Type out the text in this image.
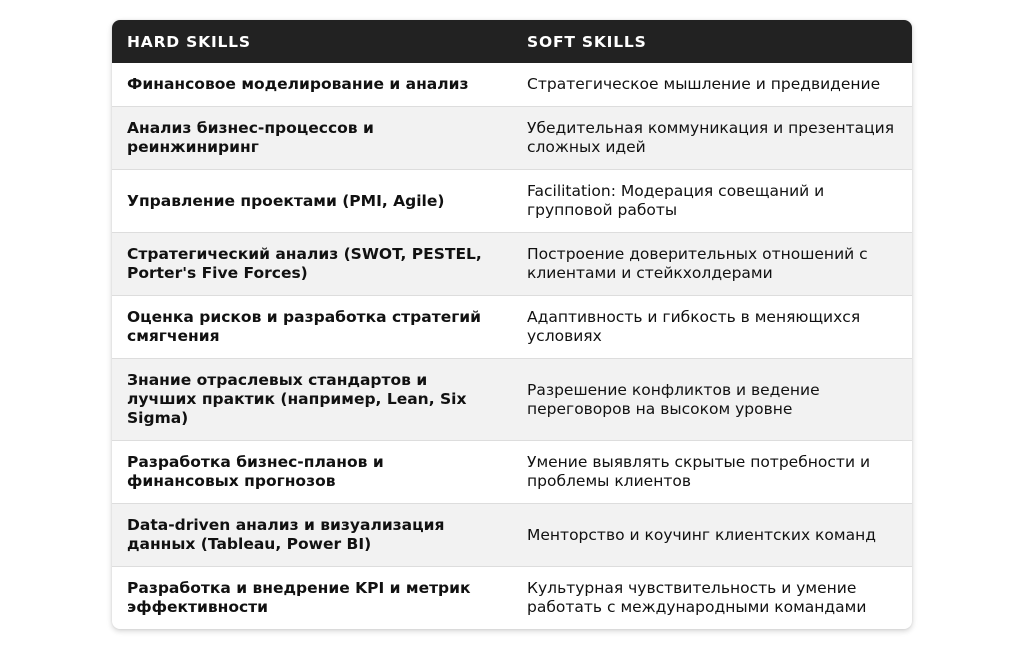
HARD SKILLS	SOFT SKILLS
Финансовое моделирование и анализ	Стратегическое мышление и предвидение
Анализ бизнес-процессов и реинжиниринг	Убедительная коммуникация и презентация сложных идей
Управление проектами (PMI, Agile)	Facilitation: Модерация совещаний и групповой работы
Стратегический анализ (SWOT, PESTEL, Porter's Five Forces)	Построение доверительных отношений с клиентами и стейкхолдерами
Оценка рисков и разработка стратегий смягчения	Адаптивность и гибкость в меняющихся условиях
Знание отраслевых стандартов и лучших практик (например, Lean, Six Sigma)	Разрешение конфликтов и ведение переговоров на высоком уровне
Разработка бизнес-планов и финансовых прогнозов	Умение выявлять скрытые потребности и проблемы клиентов
Data-driven анализ и визуализация данных (Tableau, Power BI)	Менторство и коучинг клиентских команд
Разработка и внедрение KPI и метрик эффективности	Культурная чувствительность и умение работать с международными командами
